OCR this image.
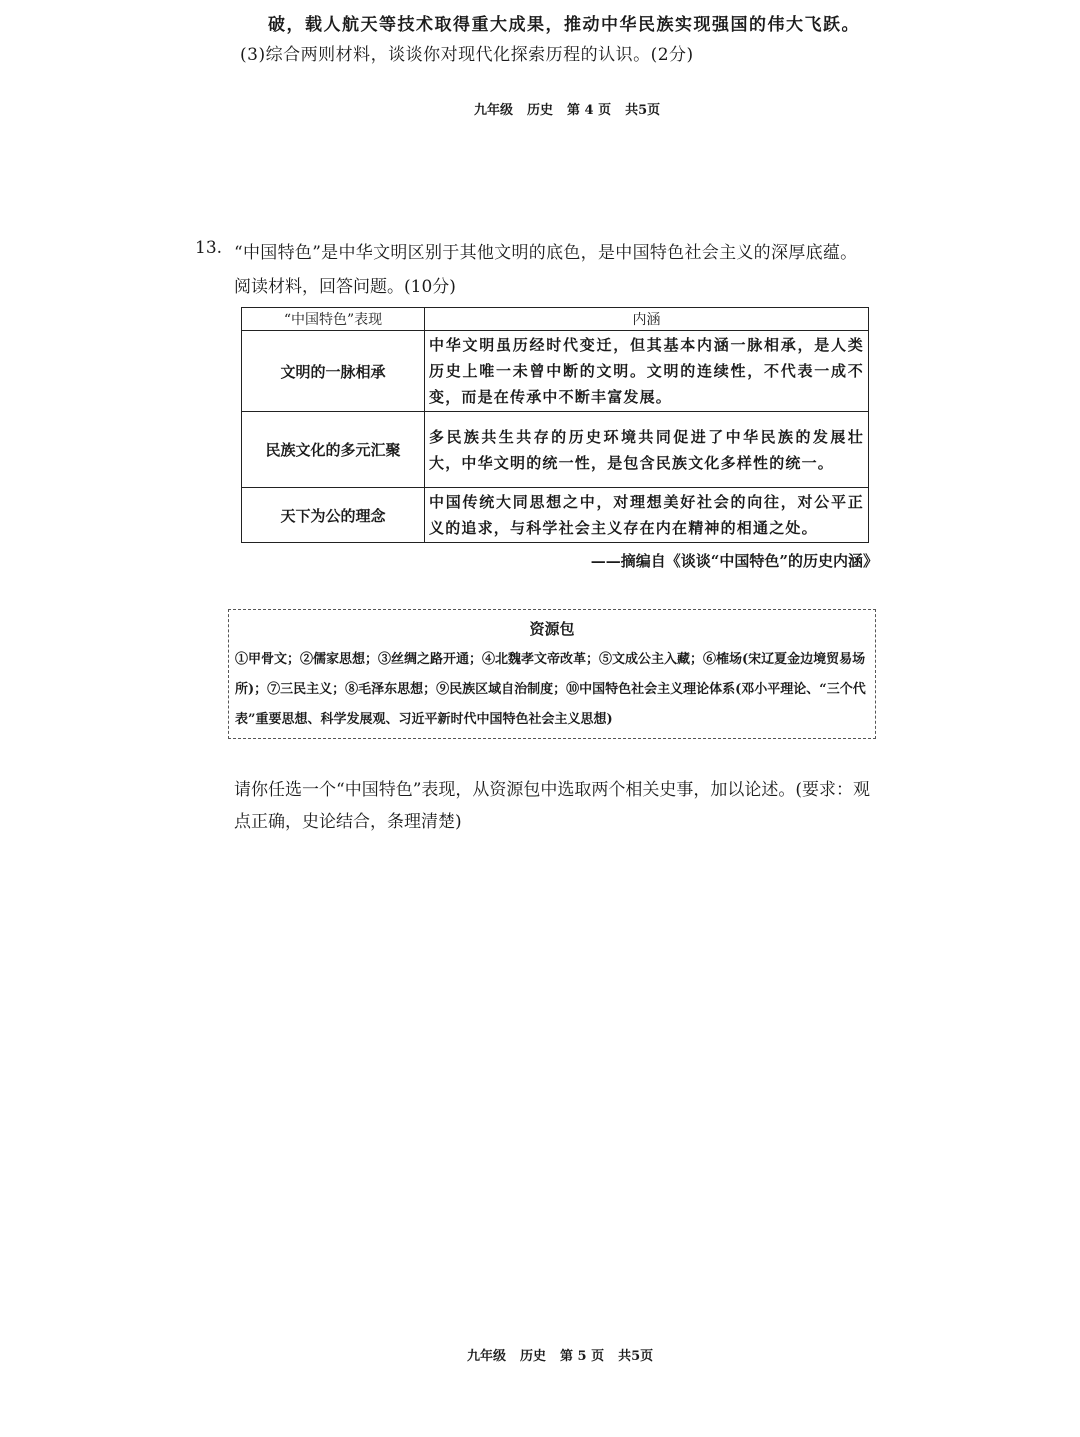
破，载人航天等技术取得重大成果，推动中华民族实现强国的伟大飞跃。
(3)综合两则材料，谈谈你对现代化探索历程的认识。(2分)
九年级 历史 第 4 页 共5页
13. “中国特色”是中华文明区别于其他文明的底色，是中国特色社会主义的深厚底蕴。
阅读材料，回答问题。(10分)
“中国特色”表现	内涵
文明的一脉相承	中华文明虽历经时代变迁，但其基本内涵一脉相承，是人类历史上唯一未曾中断的文明。文明的连续性，不代表一成不变，而是在传承中不断丰富发展。
民族文化的多元汇聚	多民族共生共存的历史环境共同促进了中华民族的发展壮大，中华文明的统一性，是包含民族文化多样性的统一。
天下为公的理念	中国传统大同思想之中，对理想美好社会的向往，对公平正义的追求，与科学社会主义存在内在精神的相通之处。
——摘编自《谈谈“中国特色”的历史内涵》
资源包
①甲骨文；②儒家思想；③丝绸之路开通；④北魏孝文帝改革；⑤文成公主入藏；⑥榷场(宋辽夏金边境贸易场所)；⑦三民主义；⑧毛泽东思想；⑨民族区域自治制度；⑩中国特色社会主义理论体系(邓小平理论、“三个代表”重要思想、科学发展观、习近平新时代中国特色社会主义思想)
请你任选一个“中国特色”表现，从资源包中选取两个相关史事，加以论述。(要求：观点正确，史论结合，条理清楚)
九年级 历史 第 5 页 共5页
